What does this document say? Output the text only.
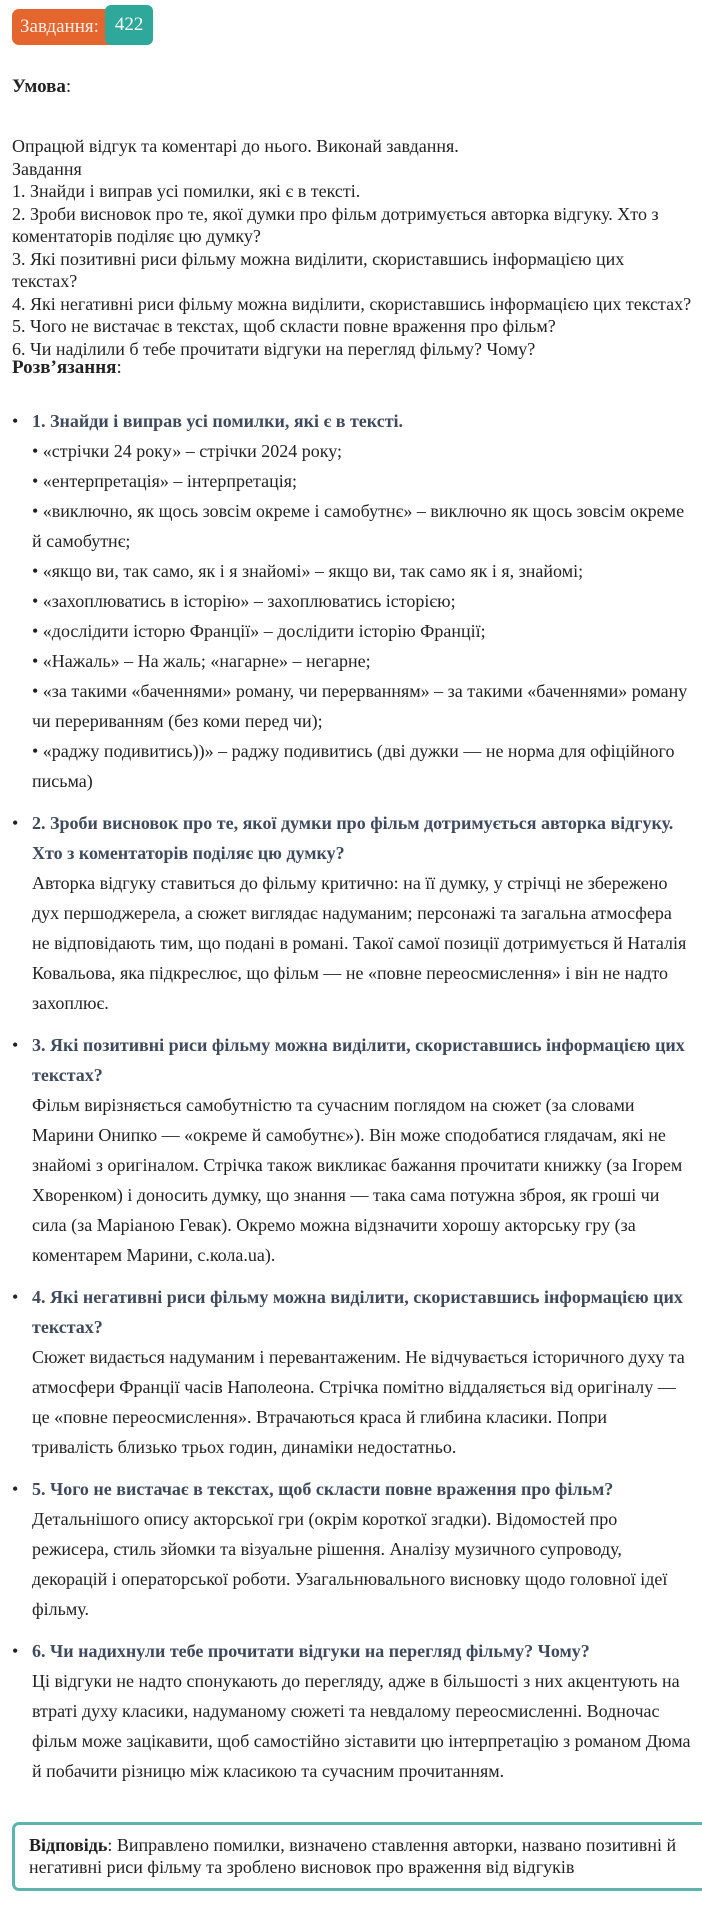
Завдання: 422
Умова:
Опрацюй відгук та коментарі до нього. Виконай завдання.
Завдання
1. Знайди і виправ усі помилки, які є в тексті.
2. Зроби висновок про те, якої думки про фільм дотримується авторка відгуку. Хто з коментаторів поділяє цю думку?
3. Які позитивні риси фільму можна виділити, скориставшись інформацією цих текстах?
4. Які негативні риси фільму можна виділити, скориставшись інформацією цих текстах?
5. Чого не вистачає в текстах, щоб скласти повне враження про фільм?
6. Чи наділили б тебе прочитати відгуки на перегляд фільму? Чому?
Розв’язання:
• 1. Знайди і виправ усі помилки, які є в тексті.
• «стрічки 24 року» – стрічки 2024 року;
• «ентерпретація» – інтерпретація;
• «виключно, як щось зовсім окреме і самобутнє» – виключно як щось зовсім окреме й самобутнє;
• «якщо ви, так само, як і я знайомі» – якщо ви, так само як і я, знайомі;
• «захоплюватись в історію» – захоплюватись історією;
• «дослідити історю Франції» – дослідити історію Франції;
• «Нажаль» – На жаль; «нагарне» – негарне;
• «за такими «баченнями» роману, чи перерванням» – за такими «баченнями» роману чи перериванням (без коми перед чи);
• «раджу подивитись))» – раджу подивитись (дві дужки — не норма для офіційного письма)
• 2. Зроби висновок про те, якої думки про фільм дотримується авторка відгуку. Хто з коментаторів поділяє цю думку?
Авторка відгуку ставиться до фільму критично: на її думку, у стрічці не збережено дух першоджерела, а сюжет виглядає надуманим; персонажі та загальна атмосфера не відповідають тим, що подані в романі. Такої самої позиції дотримується й Наталія Ковальова, яка підкреслює, що фільм — не «повне переосмислення» і він не надто захоплює.
• 3. Які позитивні риси фільму можна виділити, скориставшись інформацією цих текстах?
Фільм вирізняється самобутністю та сучасним поглядом на сюжет (за словами Марини Онипко — «окреме й самобутнє»). Він може сподобатися глядачам, які не знайомі з оригіналом. Стрічка також викликає бажання прочитати книжку (за Ігорем Хворенком) і доносить думку, що знання — така сама потужна зброя, як гроші чи сила (за Маріаною Гевак). Окремо можна відзначити хорошу акторську гру (за коментарем Марини, с.кола.ua).
• 4. Які негативні риси фільму можна виділити, скориставшись інформацією цих текстах?
Сюжет видається надуманим і перевантаженим. Не відчувається історичного духу та атмосфери Франції часів Наполеона. Стрічка помітно віддаляється від оригіналу — це «повне переосмислення». Втрачаються краса й глибина класики. Попри тривалість близько трьох годин, динаміки недостатньо.
• 5. Чого не вистачає в текстах, щоб скласти повне враження про фільм?
Детальнішого опису акторської гри (окрім короткої згадки). Відомостей про режисера, стиль зйомки та візуальне рішення. Аналізу музичного супроводу, декорацій і операторської роботи. Узагальнювального висновку щодо головної ідеї фільму.
• 6. Чи надихнули тебе прочитати відгуки на перегляд фільму? Чому?
Ці відгуки не надто спонукають до перегляду, адже в більшості з них акцентують на втраті духу класики, надуманому сюжеті та невдалому переосмисленні. Водночас фільм може зацікавити, щоб самостійно зіставити цю інтерпретацію з романом Дюма й побачити різницю між класикою та сучасним прочитанням.
Відповідь: Виправлено помилки, визначено ставлення авторки, названо позитивні й негативні риси фільму та зроблено висновок про враження від відгуків
